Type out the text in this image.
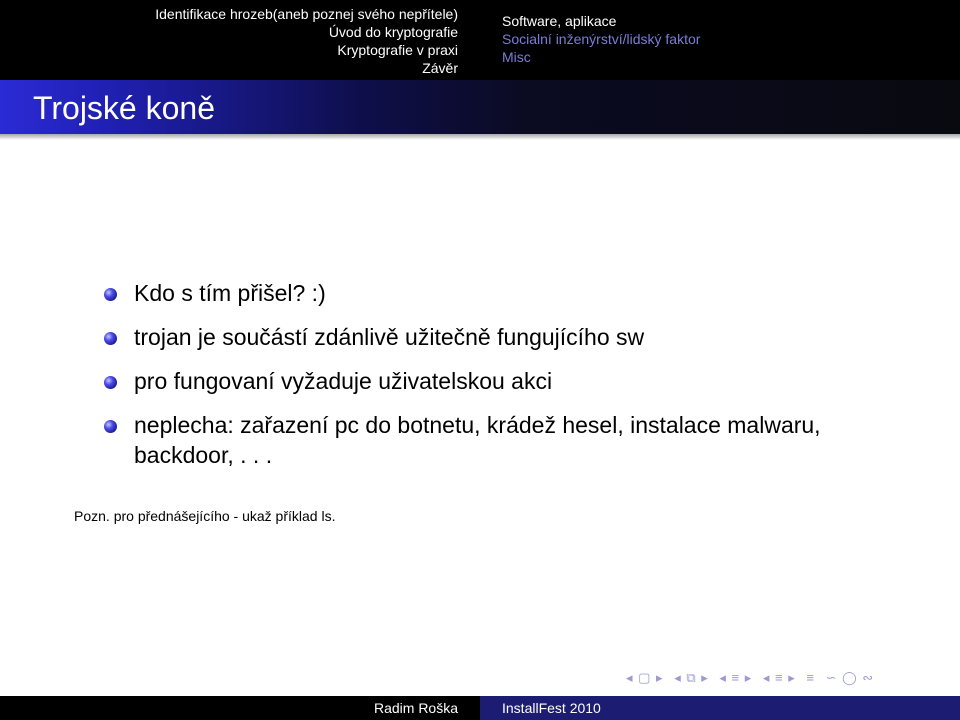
Identifikace hrozeb(aneb poznej svého nepřítele)
Úvod do kryptografie
Kryptografie v praxi
Závěr
Software, aplikace
Socialní inženýrství/lidský faktor
Misc
Trojské koně
Kdo s tím přišel? :)
trojan je součástí zdánlivě užitečně fungujícího sw
pro fungovaní vyžaduje uživatelskou akci
neplecha: zařazení pc do botnetu, krádež hesel, instalace malwaru, backdoor, . . .
Pozn. pro přednášejícího - ukaž příklad ls.
◂ ▢ ▸ ◂ ⧉ ▸ ◂ ≡ ▸ ◂ ≡ ▸ ≡ ∽ ◯ ∾
Radim Roška	InstallFest 2010
